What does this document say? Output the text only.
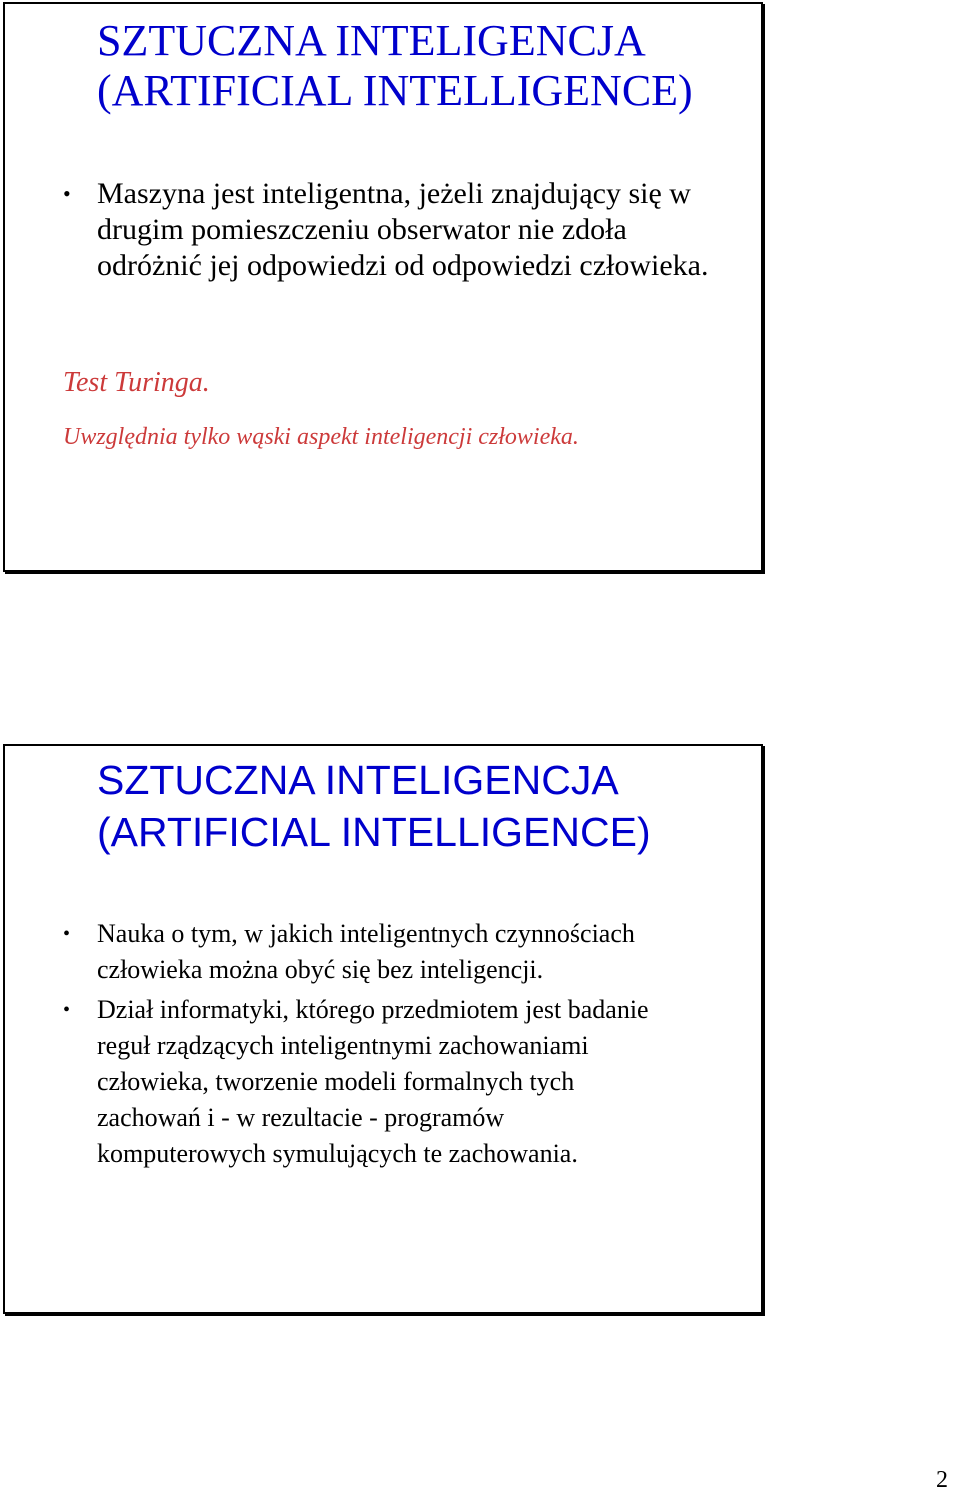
SZTUCZNA INTELIGENCJA
(ARTIFICIAL INTELLIGENCE)
• Maszyna jest inteligentna, jeżeli znajdujący się w drugim pomieszczeniu obserwator nie zdoła odróżnić jej odpowiedzi od odpowiedzi człowieka.

Test Turinga.

Uwzględnia tylko wąski aspekt inteligencji człowieka.

SZTUCZNA INTELIGENCJA
(ARTIFICIAL INTELLIGENCE)
• Nauka o tym, w jakich inteligentnych czynnościach człowieka można obyć się bez inteligencji.
• Dział informatyki, którego przedmiotem jest badanie reguł rządzących inteligentnymi zachowaniami człowieka, tworzenie modeli formalnych tych zachowań i - w rezultacie - programów komputerowych symulujących te zachowania.
2
